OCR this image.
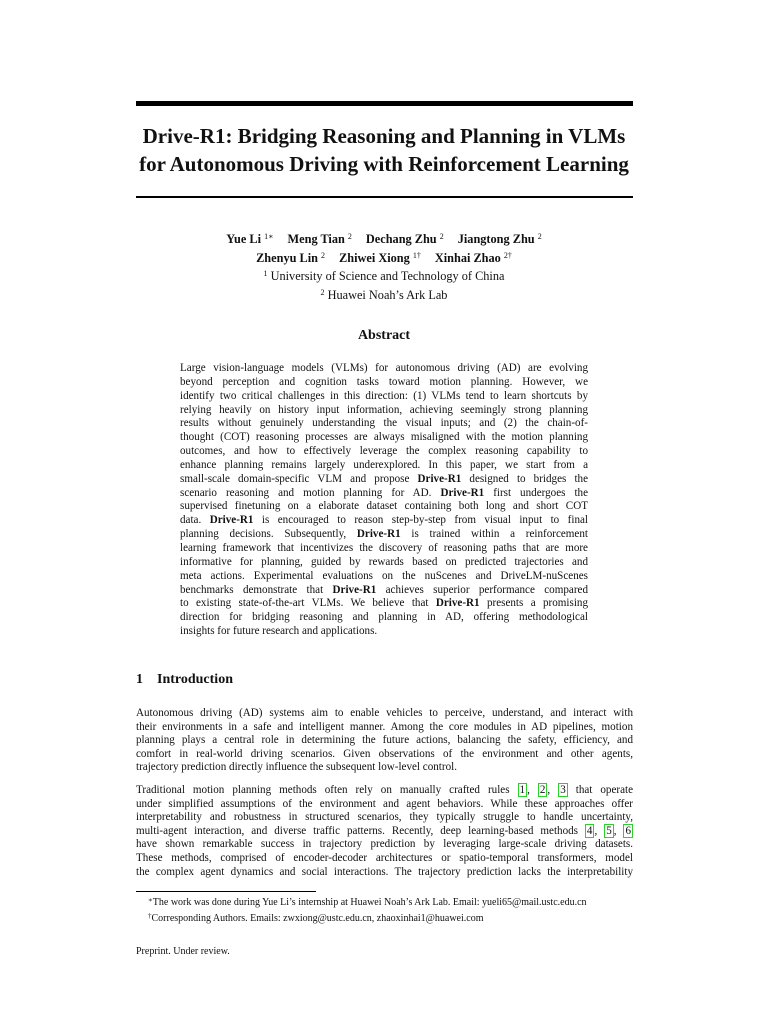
Drive-R1: Bridging Reasoning and Planning in VLMs
for Autonomous Driving with Reinforcement Learning
Yue Li $^{1∗}$ Meng Tian $^2$ Dechang Zhu $^2$ Jiangtong Zhu $^2$
Zhenyu Lin $^2$ Zhiwei Xiong $^{1\dagger}$ Xinhai Zhao $^{2\dagger}$
$^1$ University of Science and Technology of China
$^2$ Huawei Noah’s Ark Lab
Abstract
Large vision-language models (VLMs) for autonomous driving (AD) are evolving
beyond perception and cognition tasks toward motion planning. However, we
identify two critical challenges in this direction: (1) VLMs tend to learn shortcuts by
relying heavily on history input information, achieving seemingly strong planning
results without genuinely understanding the visual inputs; and (2) the chain-of-
thought (COT) reasoning processes are always misaligned with the motion planning
outcomes, and how to effectively leverage the complex reasoning capability to
enhance planning remains largely underexplored. In this paper, we start from a
small-scale domain-specific VLM and propose Drive-R1 designed to bridges the
scenario reasoning and motion planning for AD. Drive-R1 first undergoes the
supervised finetuning on a elaborate dataset containing both long and short COT
data. Drive-R1 is encouraged to reason step-by-step from visual input to final
planning decisions. Subsequently, Drive-R1 is trained within a reinforcement
learning framework that incentivizes the discovery of reasoning paths that are more
informative for planning, guided by rewards based on predicted trajectories and
meta actions. Experimental evaluations on the nuScenes and DriveLM-nuScenes
benchmarks demonstrate that Drive-R1 achieves superior performance compared
to existing state-of-the-art VLMs. We believe that Drive-R1 presents a promising
direction for bridging reasoning and planning in AD, offering methodological
insights for future research and applications.
1 Introduction
Autonomous driving (AD) systems aim to enable vehicles to perceive, understand, and interact with
their environments in a safe and intelligent manner. Among the core modules in AD pipelines, motion
planning plays a central role in determining the future actions, balancing the safety, efficiency, and
comfort in real-world driving scenarios. Given observations of the environment and other agents,
trajectory prediction directly influence the subsequent low-level control.
Traditional motion planning methods often rely on manually crafted rules 1 , 2 , 3 that operate
under simplified assumptions of the environment and agent behaviors. While these approaches offer
interpretability and robustness in structured scenarios, they typically struggle to handle uncertainty,
multi-agent interaction, and diverse traffic patterns. Recently, deep learning-based methods 4 , 5 , 6
have shown remarkable success in trajectory prediction by leveraging large-scale driving datasets.
These methods, comprised of encoder-decoder architectures or spatio-temporal transformers, model
the complex agent dynamics and social interactions. The trajectory prediction lacks the interpretability
∗The work was done during Yue Li’s internship at Huawei Noah’s Ark Lab. Email: yueli65@mail.ustc.edu.cn
†Corresponding Authors. Emails: zwxiong@ustc.edu.cn, zhaoxinhai1@huawei.com
Preprint. Under review.
